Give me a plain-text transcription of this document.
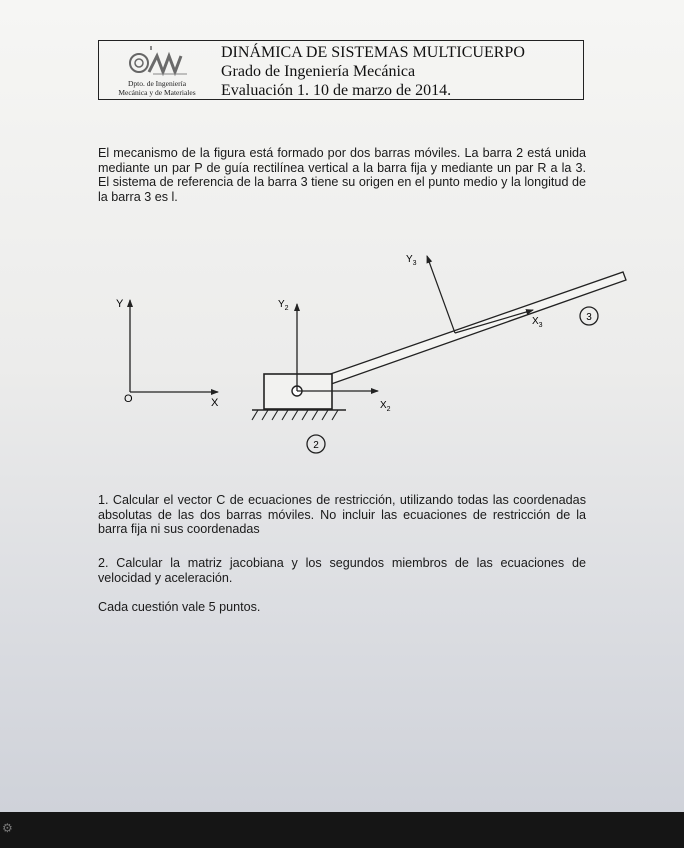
Dpto. de Ingeniería
Mecánica y de Materiales
DINÁMICA DE SISTEMAS MULTICUERPO
Grado de Ingeniería Mecánica
Evaluación 1. 10 de marzo de 2014.
El mecanismo de la figura está formado por dos barras móviles. La barra 2 está unida mediante un par P de guía rectilínea vertical a la barra fija y mediante un par R a la 3. El sistema de referencia de la barra 3 tiene su origen en el punto medio y la longitud de la barra 3 es l.
Y
X
O
$Y_3$
$X_3$
3
$Y_2$
$X_2$
2
1. Calcular el vector C de ecuaciones de restricción, utilizando todas las coordenadas absolutas de las dos barras móviles. No incluir las ecuaciones de restricción de la barra fija ni sus coordenadas
2. Calcular la matriz jacobiana y los segundos miembros de las ecuaciones de velocidad y aceleración.
Cada cuestión vale 5 puntos.
⚙
